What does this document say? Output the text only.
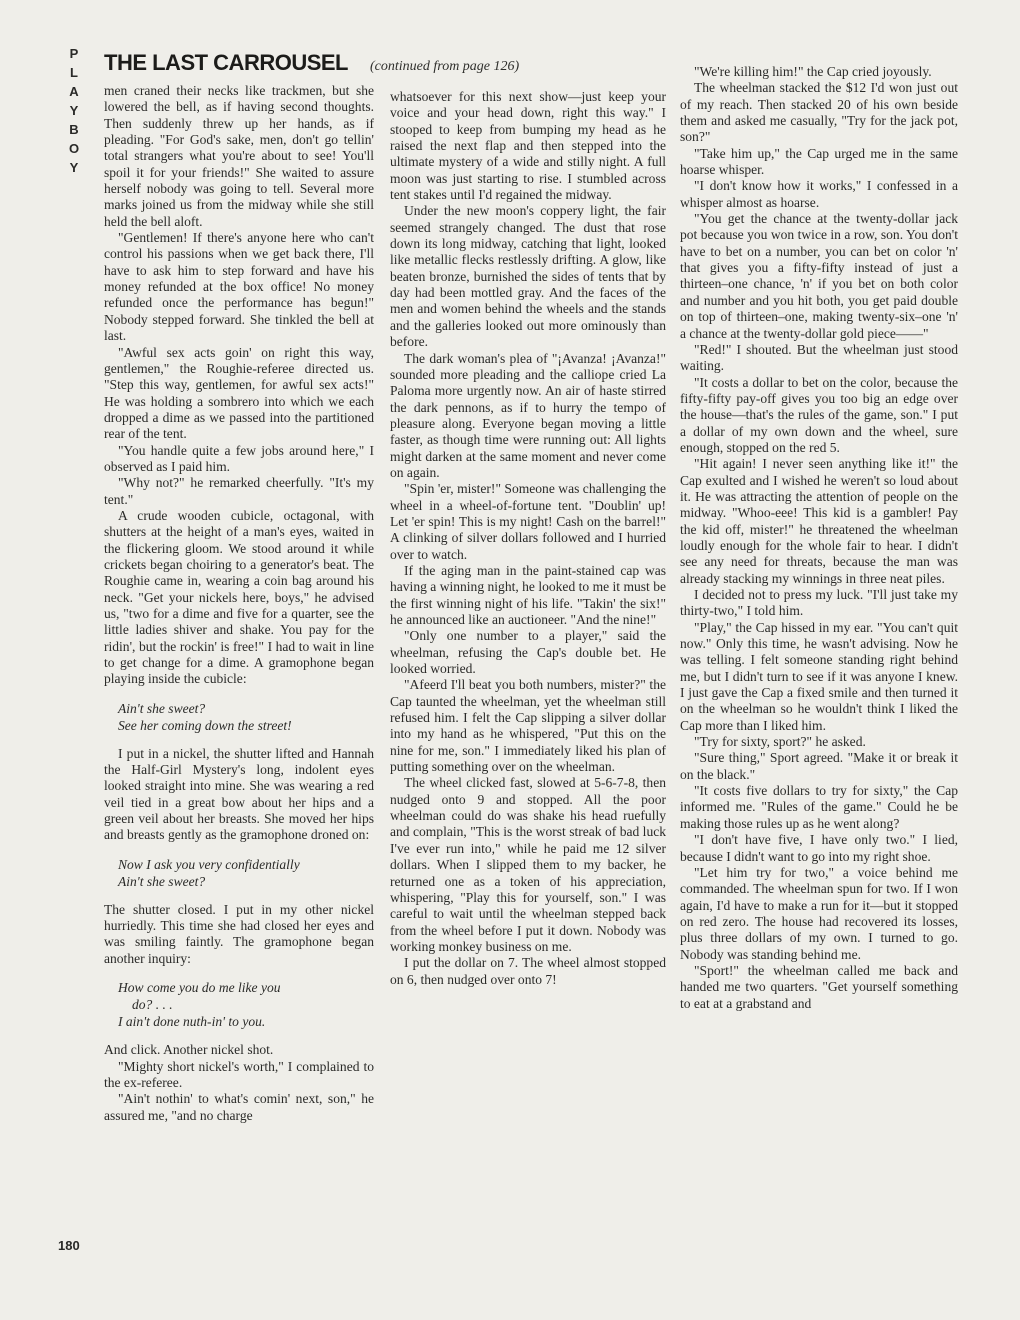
P
L
A
Y
B
O
Y
THE LAST CARROUSEL (continued from page 126)

men craned their necks like trackmen, but she lowered the bell, as if having second thoughts. Then suddenly threw up her hands, as if pleading. "For God's sake, men, don't go tellin' total strangers what you're about to see! You'll spoil it for your friends!" She waited to assure herself nobody was going to tell. Several more marks joined us from the midway while she still held the bell aloft.

"Gentlemen! If there's anyone here who can't control his passions when we get back there, I'll have to ask him to step forward and have his money refunded at the box office! No money refunded once the performance has begun!" Nobody stepped forward. She tinkled the bell at last.

"Awful sex acts goin' on right this way, gentlemen," the Roughie-referee directed us. "Step this way, gentlemen, for awful sex acts!" He was holding a sombrero into which we each dropped a dime as we passed into the partitioned rear of the tent.

"You handle quite a few jobs around here," I observed as I paid him.

"Why not?" he remarked cheerfully. "It's my tent."

A crude wooden cubicle, octagonal, with shutters at the height of a man's eyes, waited in the flickering gloom. We stood around it while crickets began choiring to a generator's beat. The Roughie came in, wearing a coin bag around his neck. "Get your nickels here, boys," he advised us, "two for a dime and five for a quarter, see the little ladies shiver and shake. You pay for the ridin', but the rockin' is free!" I had to wait in line to get change for a dime. A gramophone began playing inside the cubicle:

Ain't she sweet?
See her coming down the street!

I put in a nickel, the shutter lifted and Hannah the Half-Girl Mystery's long, indolent eyes looked straight into mine. She was wearing a red veil tied in a great bow about her hips and a green veil about her breasts. She moved her hips and breasts gently as the gramophone droned on:

Now I ask you very confidentially
Ain't she sweet?

The shutter closed. I put in my other nickel hurriedly. This time she had closed her eyes and was smiling faintly. The gramophone began another inquiry:

How come you do me like you
do? . . .
I ain't done nuth-in' to you.

And click. Another nickel shot.

"Mighty short nickel's worth," I complained to the ex-referee.

"Ain't nothin' to what's comin' next, son," he assured me, "and no charge

whatsoever for this next show—just keep your voice and your head down, right this way." I stooped to keep from bumping my head as he raised the next flap and then stepped into the ultimate mystery of a wide and stilly night. A full moon was just starting to rise. I stumbled across tent stakes until I'd regained the midway.

Under the new moon's coppery light, the fair seemed strangely changed. The dust that rose down its long midway, catching that light, looked like metallic flecks restlessly drifting. A glow, like beaten bronze, burnished the sides of tents that by day had been mottled gray. And the faces of the men and women behind the wheels and the stands and the galleries looked out more ominously than before.

The dark woman's plea of "¡Avanza! ¡Avanza!" sounded more pleading and the calliope cried La Paloma more urgently now. An air of haste stirred the dark pennons, as if to hurry the tempo of pleasure along. Everyone began moving a little faster, as though time were running out: All lights might darken at the same moment and never come on again.

"Spin 'er, mister!" Someone was challenging the wheel in a wheel-of-fortune tent. "Doublin' up! Let 'er spin! This is my night! Cash on the barrel!" A clinking of silver dollars followed and I hurried over to watch.

If the aging man in the paint-stained cap was having a winning night, he looked to me it must be the first winning night of his life. "Takin' the six!" he announced like an auctioneer. "And the nine!"

"Only one number to a player," said the wheelman, refusing the Cap's double bet. He looked worried.

"Afeerd I'll beat you both numbers, mister?" the Cap taunted the wheelman, yet the wheelman still refused him. I felt the Cap slipping a silver dollar into my hand as he whispered, "Put this on the nine for me, son." I immediately liked his plan of putting something over on the wheelman.

The wheel clicked fast, slowed at 5-6-7-8, then nudged onto 9 and stopped. All the poor wheelman could do was shake his head ruefully and complain, "This is the worst streak of bad luck I've ever run into," while he paid me 12 silver dollars. When I slipped them to my backer, he returned one as a token of his appreciation, whispering, "Play this for yourself, son." I was careful to wait until the wheelman stepped back from the wheel before I put it down. Nobody was working monkey business on me.

I put the dollar on 7. The wheel almost stopped on 6, then nudged over onto 7!

"We're killing him!" the Cap cried joyously.

The wheelman stacked the $12 I'd won just out of my reach. Then stacked 20 of his own beside them and asked me casually, "Try for the jack pot, son?"

"Take him up," the Cap urged me in the same hoarse whisper.

"I don't know how it works," I confessed in a whisper almost as hoarse.

"You get the chance at the twenty-dollar jack pot because you won twice in a row, son. You don't have to bet on a number, you can bet on color 'n' that gives you a fifty-fifty instead of just a thirteen–one chance, 'n' if you bet on both color and number and you hit both, you get paid double on top of thirteen–one, making twenty-six–one 'n' a chance at the twenty-dollar gold piece——"

"Red!" I shouted. But the wheelman just stood waiting.

"It costs a dollar to bet on the color, because the fifty-fifty pay-off gives you too big an edge over the house—that's the rules of the game, son." I put a dollar of my own down and the wheel, sure enough, stopped on the red 5.

"Hit again! I never seen anything like it!" the Cap exulted and I wished he weren't so loud about it. He was attracting the attention of people on the midway. "Whoo-eee! This kid is a gambler! Pay the kid off, mister!" he threatened the wheelman loudly enough for the whole fair to hear. I didn't see any need for threats, because the man was already stacking my winnings in three neat piles.

I decided not to press my luck. "I'll just take my thirty-two," I told him.

"Play," the Cap hissed in my ear. "You can't quit now." Only this time, he wasn't advising. Now he was telling. I felt someone standing right behind me, but I didn't turn to see if it was anyone I knew. I just gave the Cap a fixed smile and then turned it on the wheelman so he wouldn't think I liked the Cap more than I liked him.

"Try for sixty, sport?" he asked.

"Sure thing," Sport agreed. "Make it or break it on the black."

"It costs five dollars to try for sixty," the Cap informed me. "Rules of the game." Could he be making those rules up as he went along?

"I don't have five, I have only two." I lied, because I didn't want to go into my right shoe.

"Let him try for two," a voice behind me commanded. The wheelman spun for two. If I won again, I'd have to make a run for it—but it stopped on red zero. The house had recovered its losses, plus three dollars of my own. I turned to go. Nobody was standing behind me.

"Sport!" the wheelman called me back and handed me two quarters. "Get yourself something to eat at a grabstand and

180
